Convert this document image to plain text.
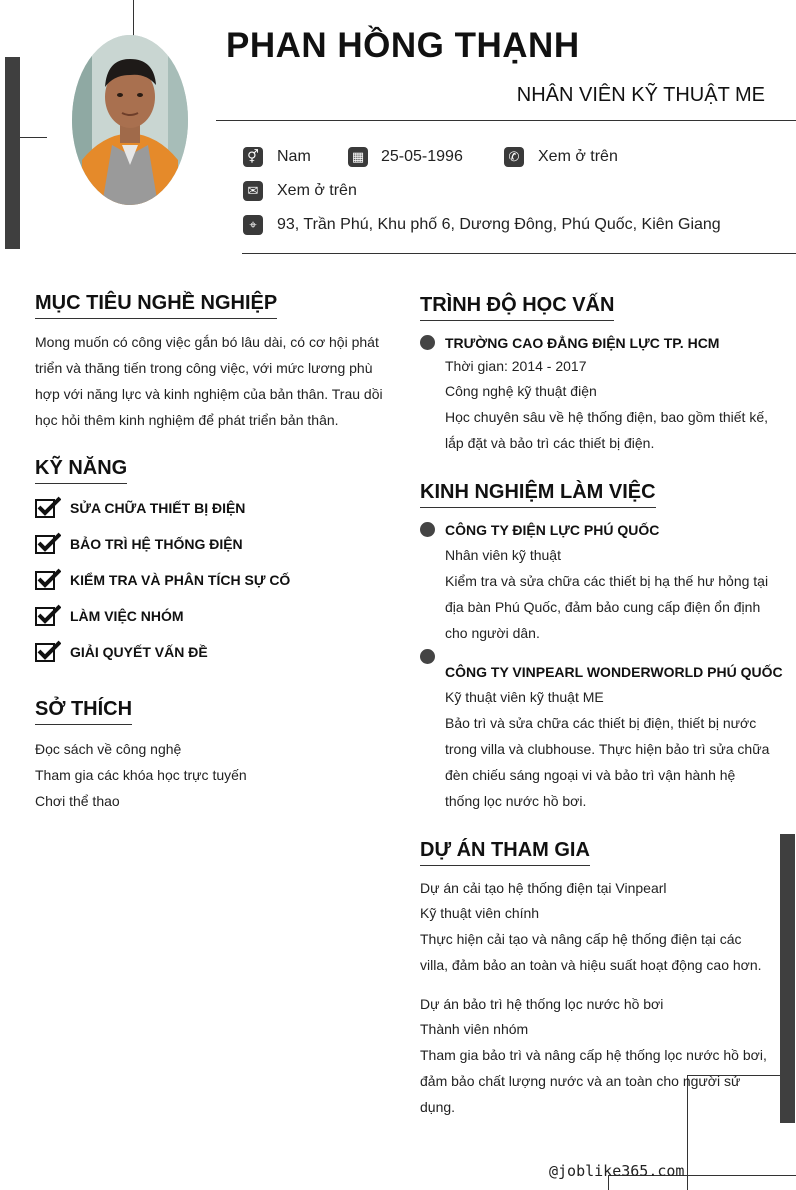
PHAN HỒNG THẠNH
NHÂN VIÊN KỸ THUẬT ME
⚥ Nam	▦ 25-05-1996	✆ Xem ở trên
✉ Xem ở trên
⌖	93, Trần Phú, Khu phố 6, Dương Đông, Phú Quốc, Kiên Giang
MỤC TIÊU NGHỀ NGHIỆP
Mong muốn có công việc gắn bó lâu dài, có cơ hội phát
triển và thăng tiến trong công việc, với mức lương phù
hợp với năng lực và kinh nghiệm của bản thân. Trau dồi
học hỏi thêm kinh nghiệm để phát triển bản thân.
KỸ NĂNG
SỬA CHỮA THIẾT BỊ ĐIỆN
BẢO TRÌ HỆ THỐNG ĐIỆN
KIỂM TRA VÀ PHÂN TÍCH SỰ CỐ
LÀM VIỆC NHÓM
GIẢI QUYẾT VẤN ĐỀ
SỞ THÍCH
Đọc sách về công nghệ
Tham gia các khóa học trực tuyến
Chơi thể thao
TRÌNH ĐỘ HỌC VẤN
TRƯỜNG CAO ĐẲNG ĐIỆN LỰC TP. HCM
Thời gian: 2014 - 2017
Công nghệ kỹ thuật điện
Học chuyên sâu về hệ thống điện, bao gồm thiết kế,
lắp đặt và bảo trì các thiết bị điện.
KINH NGHIỆM LÀM VIỆC
CÔNG TY ĐIỆN LỰC PHÚ QUỐC
Nhân viên kỹ thuật
Kiểm tra và sửa chữa các thiết bị hạ thế hư hỏng tại
địa bàn Phú Quốc, đảm bảo cung cấp điện ổn định
cho người dân.
CÔNG TY VINPEARL WONDERWORLD PHÚ QUỐC
Kỹ thuật viên kỹ thuật ME
Bảo trì và sửa chữa các thiết bị điện, thiết bị nước
trong villa và clubhouse. Thực hiện bảo trì sửa chữa
đèn chiếu sáng ngoại vi và bảo trì vận hành hệ
thống lọc nước hồ bơi.
DỰ ÁN THAM GIA
Dự án cải tạo hệ thống điện tại Vinpearl
Kỹ thuật viên chính
Thực hiện cải tạo và nâng cấp hệ thống điện tại các
villa, đảm bảo an toàn và hiệu suất hoạt động cao hơn.
Dự án bảo trì hệ thống lọc nước hồ bơi
Thành viên nhóm
Tham gia bảo trì và nâng cấp hệ thống lọc nước hồ bơi,
đảm bảo chất lượng nước và an toàn cho người sử
dụng.
@joblike365.com
